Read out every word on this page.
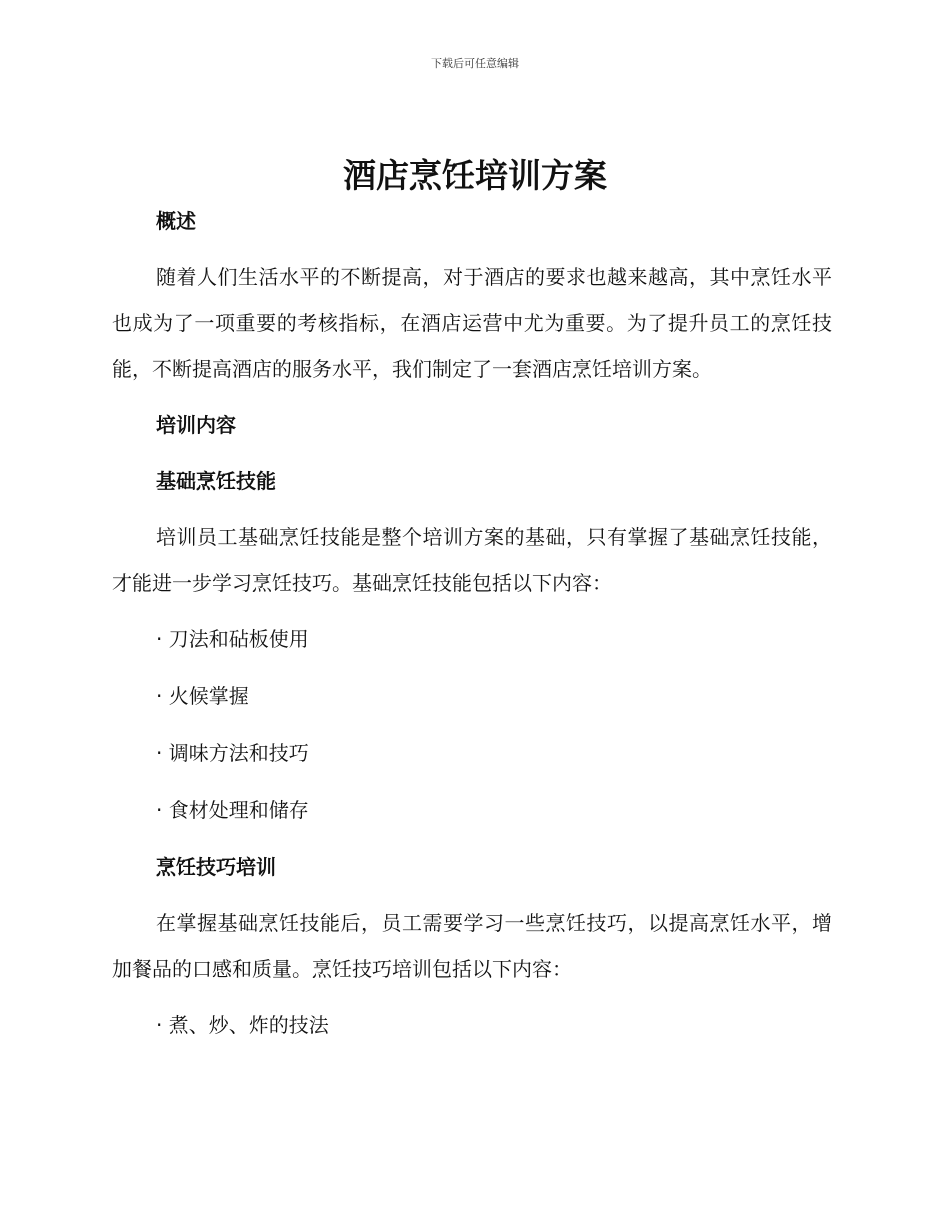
下载后可任意编辑
酒店烹饪培训方案

概述

随着人们生活水平的不断提高，对于酒店的要求也越来越高，其中烹饪水平也成为了一项重要的考核指标，在酒店运营中尤为重要。为了提升员工的烹饪技能，不断提高酒店的服务水平，我们制定了一套酒店烹饪培训方案。

培训内容

基础烹饪技能

培训员工基础烹饪技能是整个培训方案的基础，只有掌握了基础烹饪技能，才能进一步学习烹饪技巧。基础烹饪技能包括以下内容：

· 刀法和砧板使用

· 火候掌握

· 调味方法和技巧

· 食材处理和储存

烹饪技巧培训

在掌握基础烹饪技能后，员工需要学习一些烹饪技巧，以提高烹饪水平，增加餐品的口感和质量。烹饪技巧培训包括以下内容：

· 煮、炒、炸的技法
